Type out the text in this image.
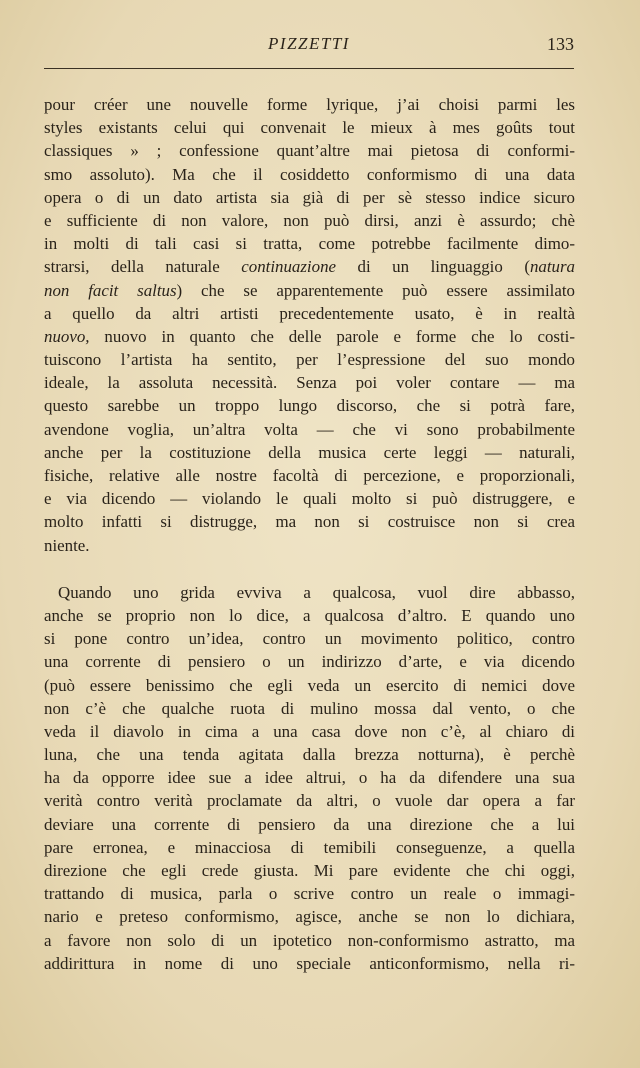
PIZZETTI	133
pour créer une nouvelle forme lyrique, j’ai choisi parmi les
styles existants celui qui convenait le mieux à mes goûts tout
classiques » ; confessione quant’altre mai pietosa di conformi-
smo assoluto). Ma che il cosiddetto conformismo di una data
opera o di un dato artista sia già di per sè stesso indice sicuro
e sufficiente di non valore, non può dirsi, anzi è assurdo; chè
in molti di tali casi si tratta, come potrebbe facilmente dimo-
strarsi, della naturale continuazione di un linguaggio (natura
non facit saltus) che se apparentemente può essere assimilato
a quello da altri artisti precedentemente usato, è in realtà
nuovo, nuovo in quanto che delle parole e forme che lo costi-
tuiscono l’artista ha sentito, per l’espressione del suo mondo
ideale, la assoluta necessità. Senza poi voler contare — ma
questo sarebbe un troppo lungo discorso, che si potrà fare,
avendone voglia, un’altra volta — che vi sono probabilmente
anche per la costituzione della musica certe leggi — naturali,
fisiche, relative alle nostre facoltà di percezione, e proporzionali,
e via dicendo — violando le quali molto si può distruggere, e
molto infatti si distrugge, ma non si costruisce non si crea
niente.
Quando uno grida evviva a qualcosa, vuol dire abbasso,
anche se proprio non lo dice, a qualcosa d’altro. E quando uno
si pone contro un’idea, contro un movimento politico, contro
una corrente di pensiero o un indirizzo d’arte, e via dicendo
(può essere benissimo che egli veda un esercito di nemici dove
non c’è che qualche ruota di mulino mossa dal vento, o che
veda il diavolo in cima a una casa dove non c’è, al chiaro di
luna, che una tenda agitata dalla brezza notturna), è perchè
ha da opporre idee sue a idee altrui, o ha da difendere una sua
verità contro verità proclamate da altri, o vuole dar opera a far
deviare una corrente di pensiero da una direzione che a lui
pare erronea, e minacciosa di temibili conseguenze, a quella
direzione che egli crede giusta. Mi pare evidente che chi oggi,
trattando di musica, parla o scrive contro un reale o immagi-
nario e preteso conformismo, agisce, anche se non lo dichiara,
a favore non solo di un ipotetico non-conformismo astratto, ma
addirittura in nome di uno speciale anticonformismo, nella ri-
